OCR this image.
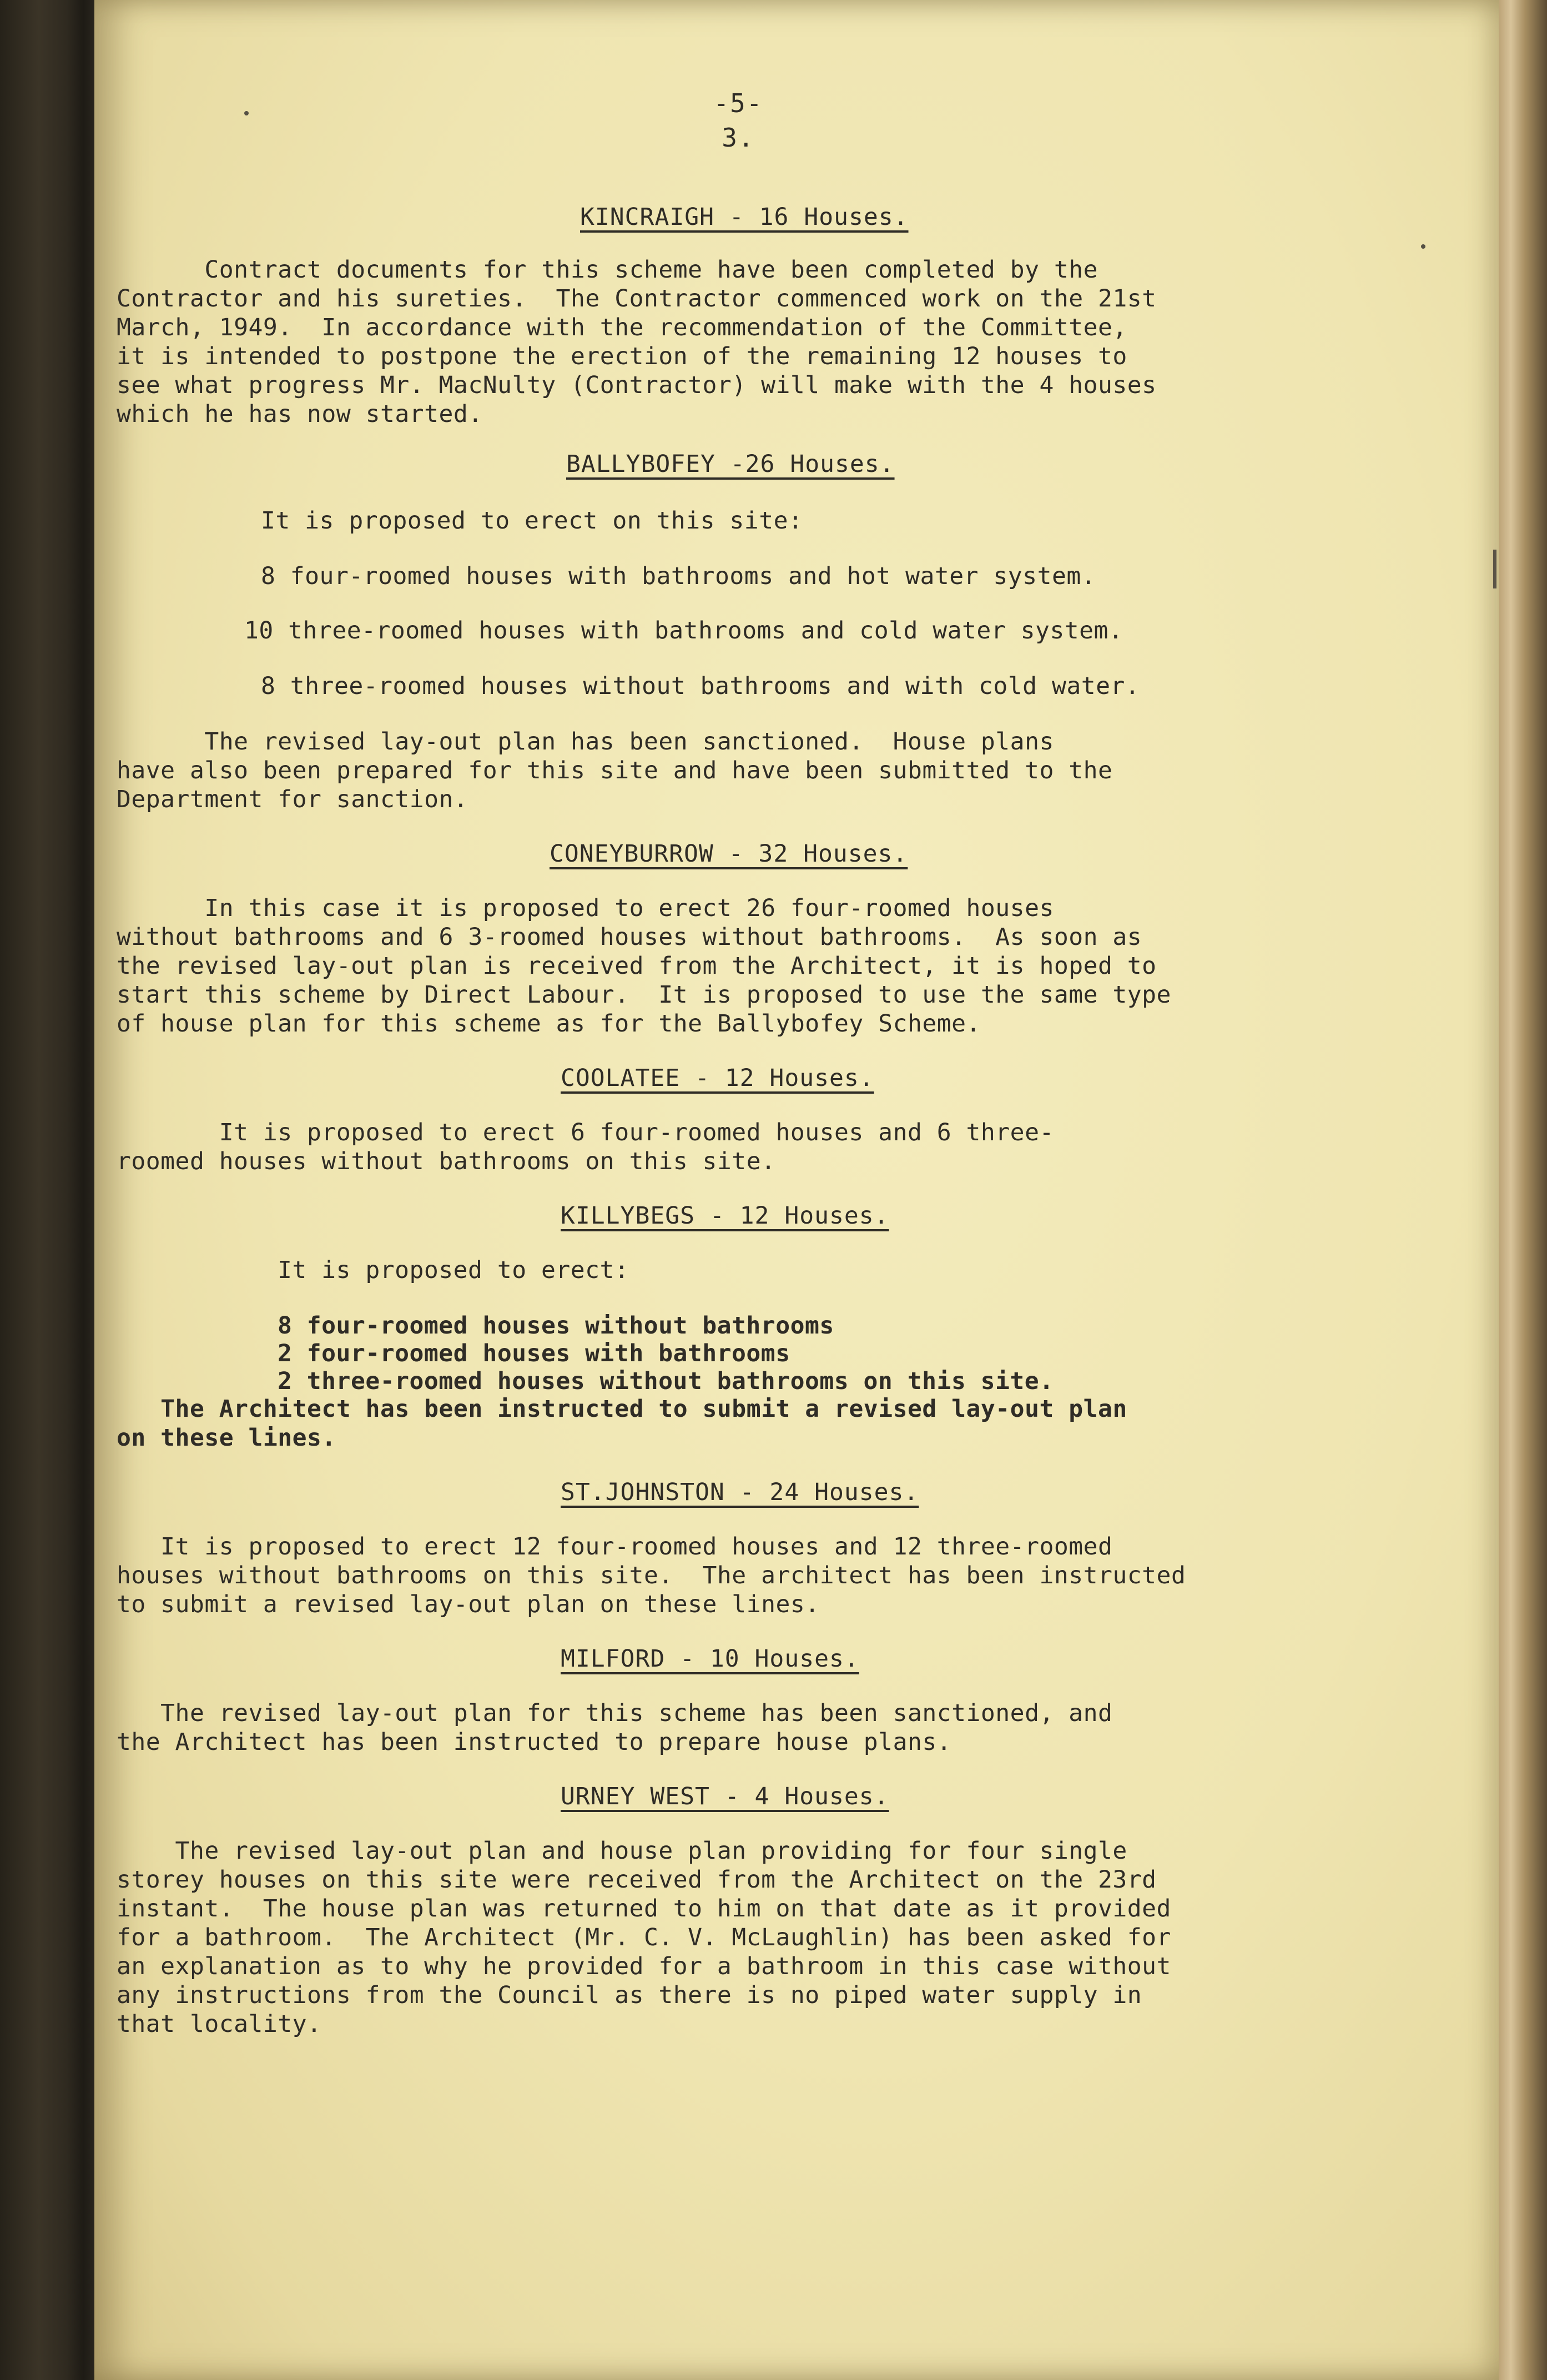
-5-
3.
KINCRAIGH - 16 Houses.
Contract documents for this scheme have been completed by the
Contractor and his sureties.  The Contractor commenced work on the 21st
March, 1949.  In accordance with the recommendation of the Committee,
it is intended to postpone the erection of the remaining 12 houses to
see what progress Mr. MacNulty (Contractor) will make with the 4 houses
which he has now started.
BALLYBOFEY -26 Houses.
It is proposed to erect on this site:
8 four-roomed houses with bathrooms and hot water system.
10 three-roomed houses with bathrooms and cold water system.
8 three-roomed houses without bathrooms and with cold water.
The revised lay-out plan has been sanctioned.  House plans
have also been prepared for this site and have been submitted to the
Department for sanction.
CONEYBURROW - 32 Houses.
In this case it is proposed to erect 26 four-roomed houses
without bathrooms and 6 3-roomed houses without bathrooms.  As soon as
the revised lay-out plan is received from the Architect, it is hoped to
start this scheme by Direct Labour.  It is proposed to use the same type
of house plan for this scheme as for the Ballybofey Scheme.
COOLATEE - 12 Houses.
It is proposed to erect 6 four-roomed houses and 6 three-
roomed houses without bathrooms on this site.
KILLYBEGS - 12 Houses.
It is proposed to erect:
8 four-roomed houses without bathrooms
2 four-roomed houses with bathrooms
2 three-roomed houses without bathrooms on this site.
The Architect has been instructed to submit a revised lay-out plan
on these lines.
ST.JOHNSTON - 24 Houses.
It is proposed to erect 12 four-roomed houses and 12 three-roomed
houses without bathrooms on this site.  The architect has been instructed
to submit a revised lay-out plan on these lines.
MILFORD - 10 Houses.
The revised lay-out plan for this scheme has been sanctioned, and
the Architect has been instructed to prepare house plans.
URNEY WEST - 4 Houses.
The revised lay-out plan and house plan providing for four single
storey houses on this site were received from the Architect on the 23rd
instant.  The house plan was returned to him on that date as it provided
for a bathroom.  The Architect (Mr. C. V. McLaughlin) has been asked for
an explanation as to why he provided for a bathroom in this case without
any instructions from the Council as there is no piped water supply in
that locality.
